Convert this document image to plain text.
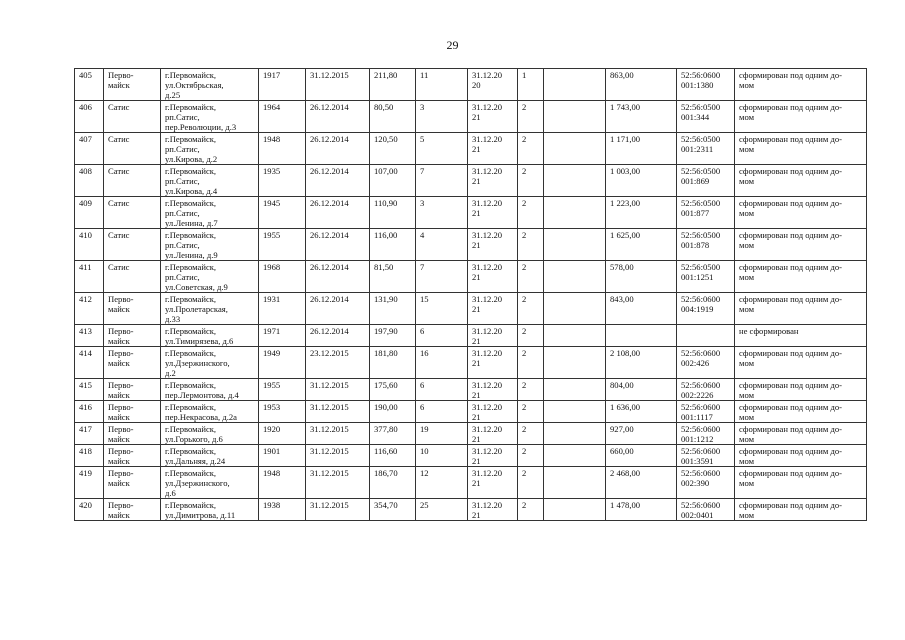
29
405	Перво-
майск	г.Первомайск,
ул.Октябрьская,
д.25	1917	31.12.2015	211,80	11	31.12.20
20	1		863,00	52:56:0600
001:1380	сформирован под одним до-
мом
406	Сатис	г.Первомайск,
рп.Сатис,
пер.Революции, д.3	1964	26.12.2014	80,50	3	31.12.20
21	2		1 743,00	52:56:0500
001:344	сформирован под одним до-
мом
407	Сатис	г.Первомайск,
рп.Сатис,
ул.Кирова, д.2	1948	26.12.2014	120,50	5	31.12.20
21	2		1 171,00	52:56:0500
001:2311	сформирован под одним до-
мом
408	Сатис	г.Первомайск,
рп.Сатис,
ул.Кирова, д.4	1935	26.12.2014	107,00	7	31.12.20
21	2		1 003,00	52:56:0500
001:869	сформирован под одним до-
мом
409	Сатис	г.Первомайск,
рп.Сатис,
ул.Ленина, д.7	1945	26.12.2014	110,90	3	31.12.20
21	2		1 223,00	52:56:0500
001:877	сформирован под одним до-
мом
410	Сатис	г.Первомайск,
рп.Сатис,
ул.Ленина, д.9	1955	26.12.2014	116,00	4	31.12.20
21	2		1 625,00	52:56:0500
001:878	сформирован под одним до-
мом
411	Сатис	г.Первомайск,
рп.Сатис,
ул.Советская, д.9	1968	26.12.2014	81,50	7	31.12.20
21	2		578,00	52:56:0500
001:1251	сформирован под одним до-
мом
412	Перво-
майск	г.Первомайск,
ул.Пролетарская,
д.33	1931	26.12.2014	131,90	15	31.12.20
21	2		843,00	52:56:0600
004:1919	сформирован под одним до-
мом
413	Перво-
майск	г.Первомайск,
ул.Тимирязева, д.6	1971	26.12.2014	197,90	6	31.12.20
21	2				не сформирован
414	Перво-
майск	г.Первомайск,
ул.Дзержинского,
д.2	1949	23.12.2015	181,80	16	31.12.20
21	2		2 108,00	52:56:0600
002:426	сформирован под одним до-
мом
415	Перво-
майск	г.Первомайск,
пер.Лермонтова, д.4	1955	31.12.2015	175,60	6	31.12.20
21	2		804,00	52:56:0600
002:2226	сформирован под одним до-
мом
416	Перво-
майск	г.Первомайск,
пер.Некрасова, д.2а	1953	31.12.2015	190,00	6	31.12.20
21	2		1 636,00	52:56:0600
001:1117	сформирован под одним до-
мом
417	Перво-
майск	г.Первомайск,
ул.Горького, д.6	1920	31.12.2015	377,80	19	31.12.20
21	2		927,00	52:56:0600
001:1212	сформирован под одним до-
мом
418	Перво-
майск	г.Первомайск,
ул.Дальняя, д.24	1901	31.12.2015	116,60	10	31.12.20
21	2		660,00	52:56:0600
001:3591	сформирован под одним до-
мом
419	Перво-
майск	г.Первомайск,
ул.Дзержинского,
д.6	1948	31.12.2015	186,70	12	31.12.20
21	2		2 468,00	52:56:0600
002:390	сформирован под одним до-
мом
420	Перво-
майск	г.Первомайск,
ул.Димитрова, д.11	1938	31.12.2015	354,70	25	31.12.20
21	2		1 478,00	52:56:0600
002:0401	сформирован под одним до-
мом
